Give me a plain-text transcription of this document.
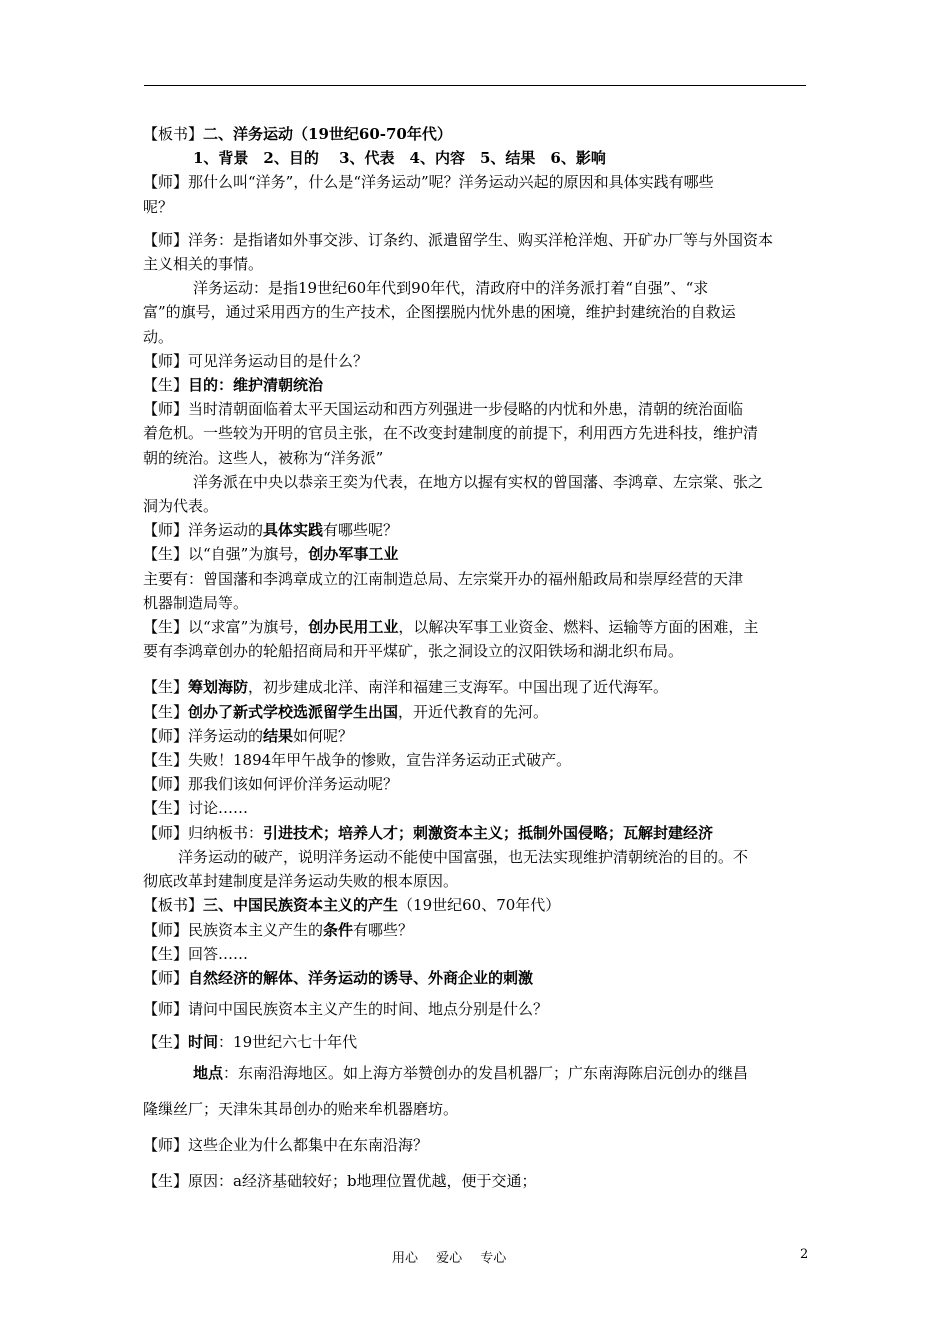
【板书】二、洋务运动（19世纪60-70年代）
1、背景　2、目的　 3、代表　4、内容　5、结果　6、影响
【师】那什么叫“洋务”，什么是“洋务运动”呢？洋务运动兴起的原因和具体实践有哪些
呢？
【师】洋务：是指诸如外事交涉、订条约、派遣留学生、购买洋枪洋炮、开矿办厂等与外国资本
主义相关的事情。
洋务运动：是指19世纪60年代到90年代，清政府中的洋务派打着“自强”、“求
富”的旗号，通过采用西方的生产技术，企图摆脱内忧外患的困境，维护封建统治的自救运
动。
【师】可见洋务运动目的是什么？
【生】目的：维护清朝统治
【师】当时清朝面临着太平天国运动和西方列强进一步侵略的内忧和外患，清朝的统治面临
着危机。一些较为开明的官员主张，在不改变封建制度的前提下，利用西方先进科技，维护清
朝的统治。这些人，被称为“洋务派”
洋务派在中央以恭亲王奕为代表，在地方以握有实权的曾国藩、李鸿章、左宗棠、张之
洞为代表。
【师】洋务运动的具体实践有哪些呢？
【生】以“自强”为旗号，创办军事工业
主要有：曾国藩和李鸿章成立的江南制造总局、左宗棠开办的福州船政局和崇厚经营的天津
机器制造局等。
【生】以“求富”为旗号，创办民用工业，以解决军事工业资金、燃料、运输等方面的困难，主
要有李鸿章创办的轮船招商局和开平煤矿，张之洞设立的汉阳铁场和湖北织布局。
【生】筹划海防，初步建成北洋、南洋和福建三支海军。中国出现了近代海军。
【生】创办了新式学校选派留学生出国，开近代教育的先河。
【师】洋务运动的结果如何呢？
【生】失败！1894年甲午战争的惨败，宣告洋务运动正式破产。
【师】那我们该如何评价洋务运动呢？
【生】讨论……
【师】归纳板书：引进技术；培养人才；刺激资本主义；抵制外国侵略；瓦解封建经济
洋务运动的破产，说明洋务运动不能使中国富强，也无法实现维护清朝统治的目的。不
彻底改革封建制度是洋务运动失败的根本原因。
【板书】三、中国民族资本主义的产生（19世纪60、70年代）
【师】民族资本主义产生的条件有哪些？
【生】回答……
【师】自然经济的解体、洋务运动的诱导、外商企业的刺激
【师】请问中国民族资本主义产生的时间、地点分别是什么？
【生】时间：19世纪六七十年代
地点：东南沿海地区。如上海方举赞创办的发昌机器厂；广东南海陈启沅创办的继昌
隆缫丝厂；天津朱其昂创办的贻来牟机器磨坊。
【师】这些企业为什么都集中在东南沿海？
【生】原因：a经济基础较好；b地理位置优越，便于交通；
用心 爱心 专心	2
